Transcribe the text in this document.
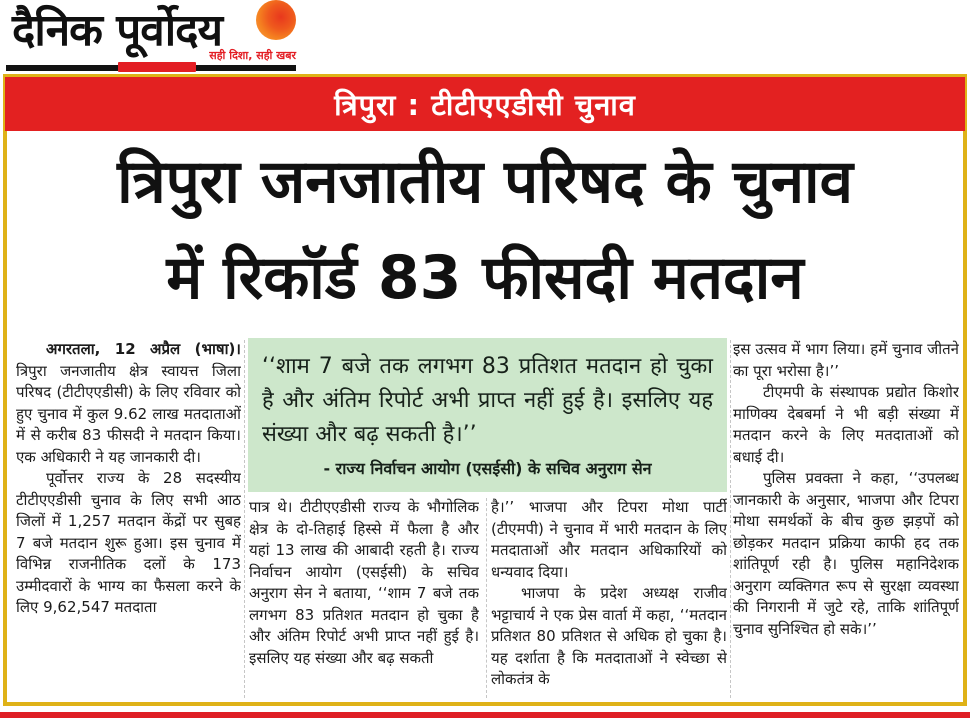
दैनिक पूर्वोदय
सही दिशा, सही खबर
त्रिपुरा : टीटीएएडीसी चुनाव
त्रिपुरा जनजातीय परिषद के चुनाव
में रिकॉर्ड 83 फीसदी मतदान

अगरतला, 12 अप्रैल (भाषा)। त्रिपुरा जनजातीय क्षेत्र स्वायत्त जिला परिषद (टीटीएएडीसी) के लिए रविवार को हुए चुनाव में कुल 9.62 लाख मतदाताओं में से करीब 83 फीसदी ने मतदान किया। एक अधिकारी ने यह जानकारी दी।

पूर्वोत्तर राज्य के 28 सदस्यीय टीटीएएडीसी चुनाव के लिए सभी आठ जिलों में 1,257 मतदान केंद्रों पर सुबह 7 बजे मतदान शुरू हुआ। इस चुनाव में विभिन्न राजनीतिक दलों के 173 उम्मीदवारों के भाग्य का फैसला करने के लिए 9,62,547 मतदाता

‘‘शाम 7 बजे तक लगभग 83 प्रतिशत मतदान हो चुका है और अंतिम रिपोर्ट अभी प्राप्त नहीं हुई है। इसलिए यह संख्या और बढ़ सकती है।’’
- राज्य निर्वाचन आयोग (एसईसी) के सचिव अनुराग सेन

पात्र थे। टीटीएएडीसी राज्य के भौगोलिक क्षेत्र के दो-तिहाई हिस्से में फैला है और यहां 13 लाख की आबादी रहती है। राज्य निर्वाचन आयोग (एसईसी) के सचिव अनुराग सेन ने बताया, ‘‘शाम 7 बजे तक लगभग 83 प्रतिशत मतदान हो चुका है और अंतिम रिपोर्ट अभी प्राप्त नहीं हुई है। इसलिए यह संख्या और बढ़ सकती

है।’’ भाजपा और टिपरा मोथा पार्टी (टीएमपी) ने चुनाव में भारी मतदान के लिए मतदाताओं और मतदान अधिकारियों को धन्यवाद दिया।

भाजपा के प्रदेश अध्यक्ष राजीव भट्टाचार्य ने एक प्रेस वार्ता में कहा, ‘‘मतदान प्रतिशत 80 प्रतिशत से अधिक हो चुका है। यह दर्शाता है कि मतदाताओं ने स्वेच्छा से लोकतंत्र के

इस उत्सव में भाग लिया। हमें चुनाव जीतने का पूरा भरोसा है।’’

टीएमपी के संस्थापक प्रद्योत किशोर माणिक्य देबबर्मा ने भी बड़ी संख्या में मतदान करने के लिए मतदाताओं को बधाई दी।

पुलिस प्रवक्ता ने कहा, ‘‘उपलब्ध जानकारी के अनुसार, भाजपा और टिपरा मोथा समर्थकों के बीच कुछ झड़पों को छोड़कर मतदान प्रक्रिया काफी हद तक शांतिपूर्ण रही है। पुलिस महानिदेशक अनुराग व्यक्तिगत रूप से सुरक्षा व्यवस्था की निगरानी में जुटे रहे, ताकि शांतिपूर्ण चुनाव सुनिश्चित हो सके।’’
